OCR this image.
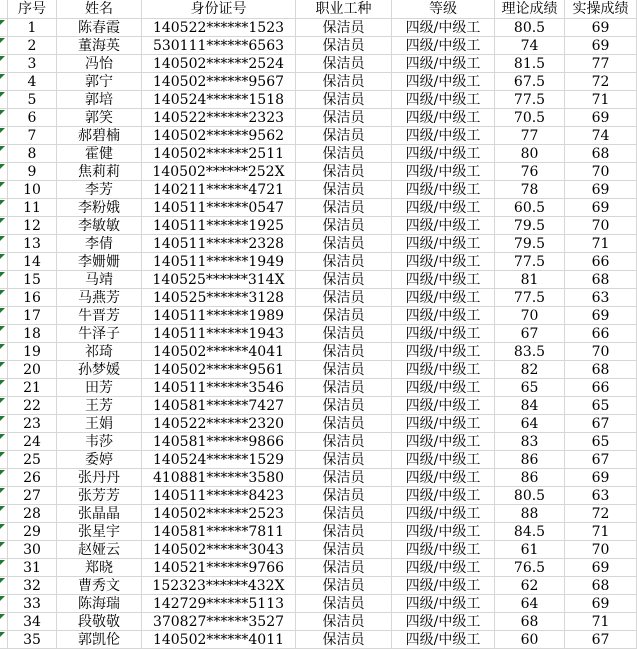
序号	姓名	身份证号	职业工种	等级	理论成绩	实操成绩
1	陈春霞	140522******1523	保洁员	四级/中级工	80.5	69
2	董海英	530111******6563	保洁员	四级/中级工	74	69
3	冯怡	140502******2524	保洁员	四级/中级工	81.5	77
4	郭宁	140502******9567	保洁员	四级/中级工	67.5	72
5	郭培	140524******1518	保洁员	四级/中级工	77.5	71
6	郭笑	140522******2323	保洁员	四级/中级工	70.5	69
7	郝碧楠	140502******9562	保洁员	四级/中级工	77	74
8	霍健	140502******2511	保洁员	四级/中级工	80	68
9	焦莉莉	140502******252X	保洁员	四级/中级工	76	70
10	李芳	140211******4721	保洁员	四级/中级工	78	69
11	李粉娥	140511******0547	保洁员	四级/中级工	60.5	69
12	李敏敏	140511******1925	保洁员	四级/中级工	79.5	70
13	李倩	140511******2328	保洁员	四级/中级工	79.5	71
14	李姗姗	140511******1949	保洁员	四级/中级工	77.5	66
15	马靖	140525******314X	保洁员	四级/中级工	81	68
16	马燕芳	140525******3128	保洁员	四级/中级工	77.5	63
17	牛晋芳	140511******1989	保洁员	四级/中级工	70	69
18	牛泽子	140511******1943	保洁员	四级/中级工	67	66
19	祁琦	140502******4041	保洁员	四级/中级工	83.5	70
20	孙梦媛	140502******9561	保洁员	四级/中级工	82	68
21	田芳	140511******3546	保洁员	四级/中级工	65	66
22	王芳	140581******7427	保洁员	四级/中级工	84	65
23	王娟	140522******2320	保洁员	四级/中级工	64	67
24	韦莎	140581******9866	保洁员	四级/中级工	83	65
25	委婷	140524******1529	保洁员	四级/中级工	86	67
26	张丹丹	410881******3580	保洁员	四级/中级工	86	69
27	张芳芳	140511******8423	保洁员	四级/中级工	80.5	63
28	张晶晶	140502******2523	保洁员	四级/中级工	88	72
29	张星宇	140581******7811	保洁员	四级/中级工	84.5	71
30	赵娅云	140502******3043	保洁员	四级/中级工	61	70
31	郑晓	140521******9766	保洁员	四级/中级工	76.5	69
32	曹秀文	152323******432X	保洁员	四级/中级工	62	68
33	陈海瑞	142729******5113	保洁员	四级/中级工	64	69
34	段敬敬	370827******3527	保洁员	四级/中级工	68	71
35	郭凯伦	140502******4011	保洁员	四级/中级工	60	67
